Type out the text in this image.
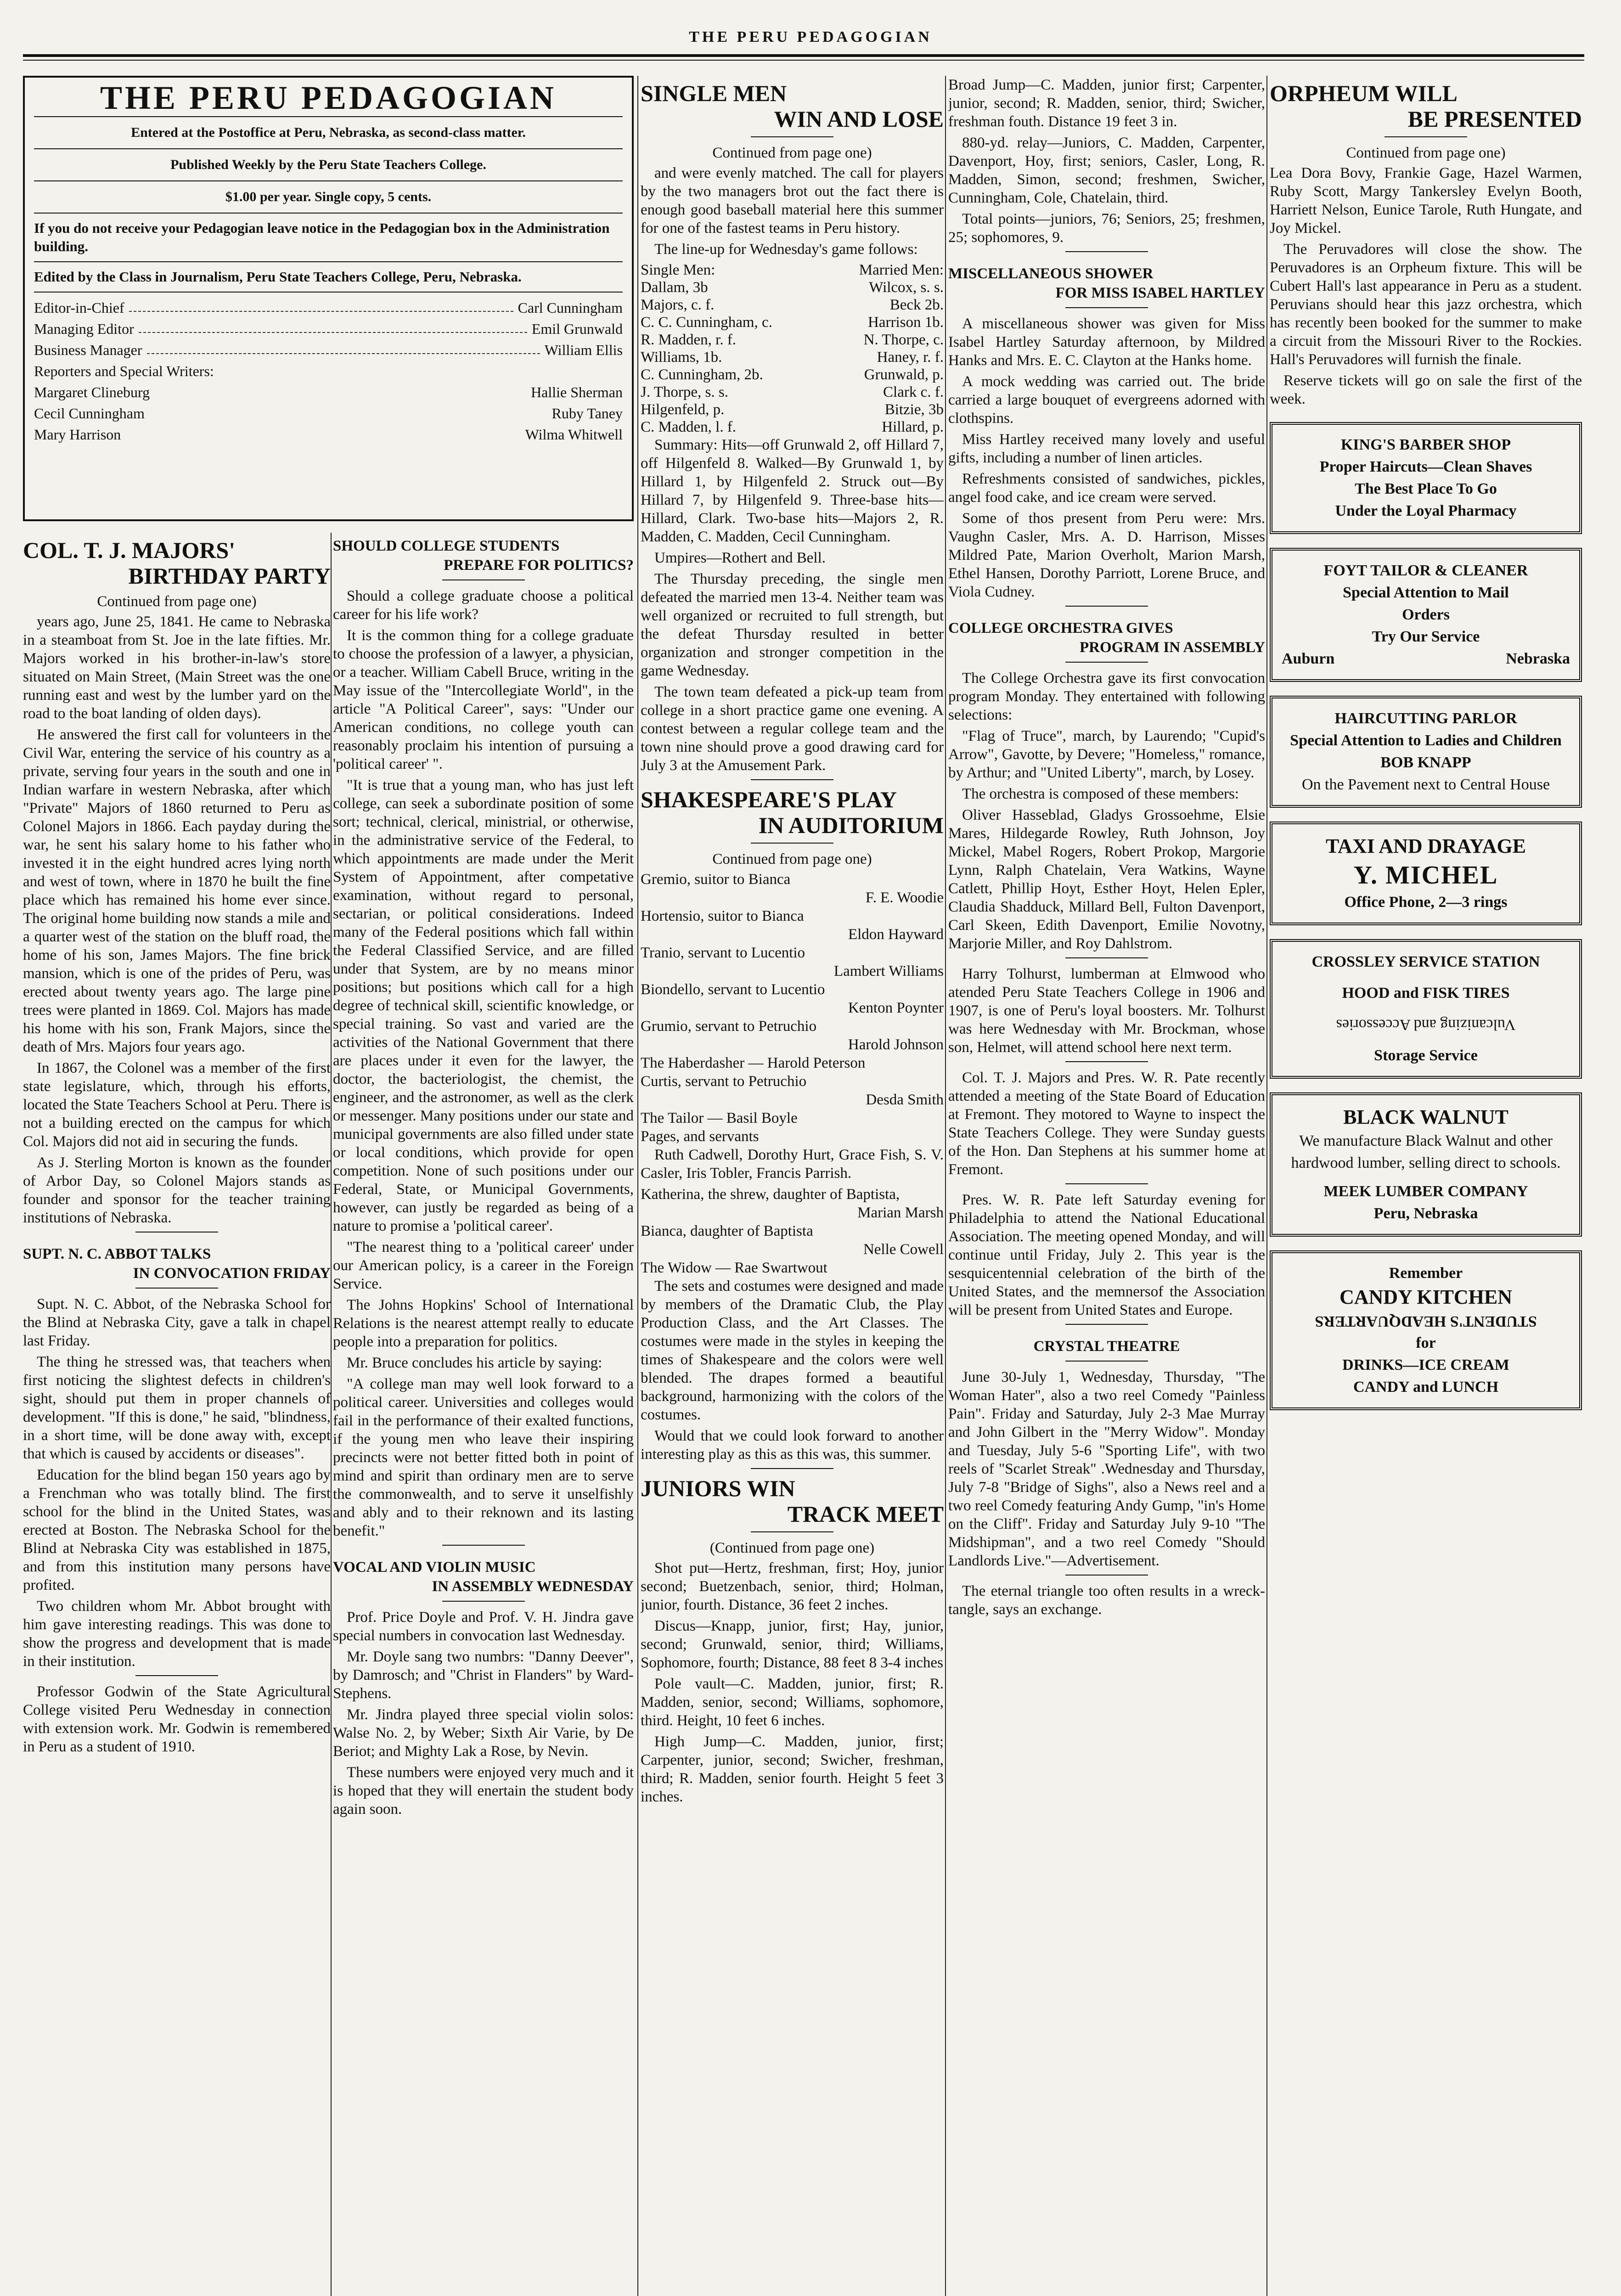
THE PERU PEDAGOGIAN
THE PERU PEDAGOGIAN
Entered at the Postoffice at Peru, Nebraska, as second-class matter.
Published Weekly by the Peru State Teachers College.
$1.00 per year. Single copy, 5 cents.
If you do not receive your Pedagogian leave notice in the Pedagogian box in the Administration building.
Edited by the Class in Journalism, Peru State Teachers College, Peru, Nebraska.
Editor-in-Chief	Carl Cunningham
Managing Editor	Emil Grunwald
Business Manager	William Ellis
Reporters and Special Writers:
Margaret Clineburg	Hallie Sherman
Cecil Cunningham	Ruby Taney
Mary Harrison	Wilma Whitwell
COL. T. J. MAJORS'
BIRTHDAY PARTY

Continued from page one)

years ago, June 25, 1841. He came to Nebraska in a steamboat from St. Joe in the late fifties. Mr. Majors worked in his brother-in-law's store situated on Main Street, (Main Street was the one running east and west by the lumber yard on the road to the boat landing of olden days).

He answered the first call for volunteers in the Civil War, entering the service of his country as a private, serving four years in the south and one in Indian warfare in western Nebraska, after which "Private" Majors of 1860 returned to Peru as Colonel Majors in 1866. Each payday during the war, he sent his salary home to his father who invested it in the eight hundred acres lying north and west of town, where in 1870 he built the fine place which has remained his home ever since. The original home building now stands a mile and a quarter west of the station on the bluff road, the home of his son, James Majors. The fine brick mansion, which is one of the prides of Peru, was erected about twenty years ago. The large pine trees were planted in 1869. Col. Majors has made his home with his son, Frank Majors, since the death of Mrs. Majors four years ago.

In 1867, the Colonel was a member of the first state legislature, which, through his efforts, located the State Teachers School at Peru. There is not a building erected on the campus for which Col. Majors did not aid in securing the funds.

As J. Sterling Morton is known as the founder of Arbor Day, so Colonel Majors stands as founder and sponsor for the teacher training institutions of Nebraska.

SUPT. N. C. ABBOT TALKS
IN CONVOCATION FRIDAY

Supt. N. C. Abbot, of the Nebraska School for the Blind at Nebraska City, gave a talk in chapel last Friday.

The thing he stressed was, that teachers when first noticing the slightest defects in children's sight, should put them in proper channels of development. "If this is done," he said, "blindness, in a short time, will be done away with, except that which is caused by accidents or diseases".

Education for the blind began 150 years ago by a Frenchman who was totally blind. The first school for the blind in the United States, was erected at Boston. The Nebraska School for the Blind at Nebraska City was established in 1875, and from this institution many persons have profited.

Two children whom Mr. Abbot brought with him gave interesting readings. This was done to show the progress and development that is made in their institution.

Professor Godwin of the State Agricultural College visited Peru Wednesday in connection with extension work. Mr. Godwin is remembered in Peru as a student of 1910.

SHOULD COLLEGE STUDENTS
PREPARE FOR POLITICS?

Should a college graduate choose a political career for his life work?

It is the common thing for a college graduate to choose the profession of a lawyer, a physician, or a teacher. William Cabell Bruce, writing in the May issue of the "Intercollegiate World", in the article "A Political Career", says: "Under our American conditions, no college youth can reasonably proclaim his intention of pursuing a 'political career' ".

"It is true that a young man, who has just left college, can seek a subordinate position of some sort; technical, clerical, ministrial, or otherwise, in the administrative service of the Federal, to which appointments are made under the Merit System of Appointment, after competative examination, without regard to personal, sectarian, or political considerations. Indeed many of the Federal positions which fall within the Federal Classified Service, and are filled under that System, are by no means minor positions; but positions which call for a high degree of technical skill, scientific knowledge, or special training. So vast and varied are the activities of the National Government that there are places under it even for the lawyer, the doctor, the bacteriologist, the chemist, the engineer, and the astronomer, as well as the clerk or messenger. Many positions under our state and municipal governments are also filled under state or local conditions, which provide for open competition. None of such positions under our Federal, State, or Municipal Governments, however, can justly be regarded as being of a nature to promise a 'political career'.

"The nearest thing to a 'political career' under our American policy, is a career in the Foreign Service.

The Johns Hopkins' School of International Relations is the nearest attempt really to educate people into a preparation for politics.

Mr. Bruce concludes his article by saying:

"A college man may well look forward to a political career. Universities and colleges would fail in the performance of their exalted functions, if the young men who leave their inspiring precincts were not better fitted both in point of mind and spirit than ordinary men are to serve the commonwealth, and to serve it unselfishly and ably and to their reknown and its lasting benefit."

VOCAL AND VIOLIN MUSIC
IN ASSEMBLY WEDNESDAY

Prof. Price Doyle and Prof. V. H. Jindra gave special numbers in convocation last Wednesday.

Mr. Doyle sang two numbrs: "Danny Deever", by Damrosch; and "Christ in Flanders" by Ward-Stephens.

Mr. Jindra played three special violin solos: Walse No. 2, by Weber; Sixth Air Varie, by De Beriot; and Mighty Lak a Rose, by Nevin.

These numbers were enjoyed very much and it is hoped that they will enertain the student body again soon.

SINGLE MEN
WIN AND LOSE

Continued from page one)

and were evenly matched. The call for players by the two managers brot out the fact there is enough good baseball material here this summer for one of the fastest teams in Peru history.

The line-up for Wednesday's game follows:

Single Men:	Married Men:
Dallam, 3b	Wilcox, s. s.
Majors, c. f.	Beck 2b.
C. C. Cunningham, c.	Harrison 1b.
R. Madden, r. f.	N. Thorpe, c.
Williams, 1b.	Haney, r. f.
C. Cunningham, 2b.	Grunwald, p.
J. Thorpe, s. s.	Clark c. f.
Hilgenfeld, p.	Bitzie, 3b
C. Madden, l. f.	Hillard, p.

Summary: Hits—off Grunwald 2, off Hillard 7, off Hilgenfeld 8. Walked—By Grunwald 1, by Hillard 1, by Hilgenfeld 2. Struck out—By Hillard 7, by Hilgenfeld 9. Three-base hits—Hillard, Clark. Two-base hits—Majors 2, R. Madden, C. Madden, Cecil Cunningham.

Umpires—Rothert and Bell.

The Thursday preceding, the single men defeated the married men 13-4. Neither team was well organized or recruited to full strength, but the defeat Thursday resulted in better organization and stronger competition in the game Wednesday.

The town team defeated a pick-up team from college in a short practice game one evening. A contest between a regular college team and the town nine should prove a good drawing card for July 3 at the Amusement Park.

SHAKESPEARE'S PLAY
IN AUDITORIUM

Continued from page one)

Gremio, suitor to Bianca
F. E. Woodie

Hortensio, suitor to Bianca
Eldon Hayward

Tranio, servant to Lucentio
Lambert Williams

Biondello, servant to Lucentio
Kenton Poynter

Grumio, servant to Petruchio
Harold Johnson

The Haberdasher — Harold Peterson

Curtis, servant to Petruchio
Desda Smith

The Tailor — Basil Boyle

Pages, and servants

Ruth Cadwell, Dorothy Hurt, Grace Fish, S. V. Casler, Iris Tobler, Francis Parrish.

Katherina, the shrew, daughter of Baptista,
Marian Marsh

Bianca, daughter of Baptista
Nelle Cowell

The Widow — Rae Swartwout

The sets and costumes were designed and made by members of the Dramatic Club, the Play Production Class, and the Art Classes. The costumes were made in the styles in keeping the times of Shakespeare and the colors were well blended. The drapes formed a beautiful background, harmonizing with the colors of the costumes.

Would that we could look forward to another interesting play as this as this was, this summer.

JUNIORS WIN
TRACK MEET

(Continued from page one)

Shot put—Hertz, freshman, first; Hoy, junior second; Buetzenbach, senior, third; Holman, junior, fourth. Distance, 36 feet 2 inches.

Discus—Knapp, junior, first; Hay, junior, second; Grunwald, senior, third; Williams, Sophomore, fourth; Distance, 88 feet 8 3-4 inches

Pole vault—C. Madden, junior, first; R. Madden, senior, second; Williams, sophomore, third. Height, 10 feet 6 inches.

High Jump—C. Madden, junior, first; Carpenter, junior, second; Swicher, freshman, third; R. Madden, senior fourth. Height 5 feet 3 inches.

Broad Jump—C. Madden, junior first; Carpenter, junior, second; R. Madden, senior, third; Swicher, freshman fouth. Distance 19 feet 3 in.

880-yd. relay—Juniors, C. Madden, Carpenter, Davenport, Hoy, first; seniors, Casler, Long, R. Madden, Simon, second; freshmen, Swicher, Cunningham, Cole, Chatelain, third.

Total points—juniors, 76; Seniors, 25; freshmen, 25; sophomores, 9.

MISCELLANEOUS SHOWER
FOR MISS ISABEL HARTLEY

A miscellaneous shower was given for Miss Isabel Hartley Saturday afternoon, by Mildred Hanks and Mrs. E. C. Clayton at the Hanks home.

A mock wedding was carried out. The bride carried a large bouquet of evergreens adorned with clothspins.

Miss Hartley received many lovely and useful gifts, including a number of linen articles.

Refreshments consisted of sandwiches, pickles, angel food cake, and ice cream were served.

Some of thos present from Peru were: Mrs. Vaughn Casler, Mrs. A. D. Harrison, Misses Mildred Pate, Marion Overholt, Marion Marsh, Ethel Hansen, Dorothy Parriott, Lorene Bruce, and Viola Cudney.

COLLEGE ORCHESTRA GIVES
PROGRAM IN ASSEMBLY

The College Orchestra gave its first convocation program Monday. They entertained with following selections:

"Flag of Truce", march, by Laurendo; "Cupid's Arrow", Gavotte, by Devere; "Homeless," romance, by Arthur; and "United Liberty", march, by Losey.

The orchestra is composed of these members:

Oliver Hasseblad, Gladys Grossoehme, Elsie Mares, Hildegarde Rowley, Ruth Johnson, Joy Mickel, Mabel Rogers, Robert Prokop, Margorie Lynn, Ralph Chatelain, Vera Watkins, Wayne Catlett, Phillip Hoyt, Esther Hoyt, Helen Epler, Claudia Shadduck, Millard Bell, Fulton Davenport, Carl Skeen, Edith Davenport, Emilie Novotny, Marjorie Miller, and Roy Dahlstrom.

Harry Tolhurst, lumberman at Elmwood who atended Peru State Teachers College in 1906 and 1907, is one of Peru's loyal boosters. Mr. Tolhurst was here Wednesday with Mr. Brockman, whose son, Helmet, will attend school here next term.

Col. T. J. Majors and Pres. W. R. Pate recently attended a meeting of the State Board of Education at Fremont. They motored to Wayne to inspect the State Teachers College. They were Sunday guests of the Hon. Dan Stephens at his summer home at Fremont.

Pres. W. R. Pate left Saturday evening for Philadelphia to attend the National Educational Association. The meeting opened Monday, and will continue until Friday, July 2. This year is the sesquicentennial celebration of the birth of the United States, and the memnersof the Association will be present from United States and Europe.

CRYSTAL THEATRE

June 30-July 1, Wednesday, Thursday, "The Woman Hater", also a two reel Comedy "Painless Pain". Friday and Saturday, July 2-3 Mae Murray and John Gilbert in the "Merry Widow". Monday and Tuesday, July 5-6 "Sporting Life", with two reels of "Scarlet Streak" .Wednesday and Thursday, July 7-8 "Bridge of Sighs", also a News reel and a two reel Comedy featuring Andy Gump, "in's Home on the Cliff". Friday and Saturday July 9-10 "The Midshipman", and a two reel Comedy "Should Landlords Live."—Advertisement.

The eternal triangle too often results in a wreck-tangle, says an exchange.

ORPHEUM WILL
BE PRESENTED

Continued from page one)

Lea Dora Bovy, Frankie Gage, Hazel Warmen, Ruby Scott, Margy Tankersley Evelyn Booth, Harriett Nelson, Eunice Tarole, Ruth Hungate, and Joy Mickel.

The Peruvadores will close the show. The Peruvadores is an Orpheum fixture. This will be Cubert Hall's last appearance in Peru as a student. Peruvians should hear this jazz orchestra, which has recently been booked for the summer to make a circuit from the Missouri River to the Rockies. Hall's Peruvadores will furnish the finale.

Reserve tickets will go on sale the first of the week.

KING'S BARBER SHOP
Proper Haircuts—Clean Shaves
The Best Place To Go
Under the Loyal Pharmacy
FOYT TAILOR & CLEANER
Special Attention to Mail
Orders
Try Our Service
Auburn	Nebraska
HAIRCUTTING PARLOR
Special Attention to Ladies and Children
BOB KNAPP
On the Pavement next to Central House
TAXI AND DRAYAGE
Y. MICHEL
Office Phone, 2—3 rings
CROSSLEY SERVICE STATION
HOOD and FISK TIRES
Vulcanizing and Accessories
Storage Service
BLACK WALNUT
We manufacture Black Walnut and other hardwood lumber, selling direct to schools.
MEEK LUMBER COMPANY
Peru, Nebraska
Remember
CANDY KITCHEN
STUDENT'S HEADQUARTERS
for
DRINKS—ICE CREAM
CANDY and LUNCH
